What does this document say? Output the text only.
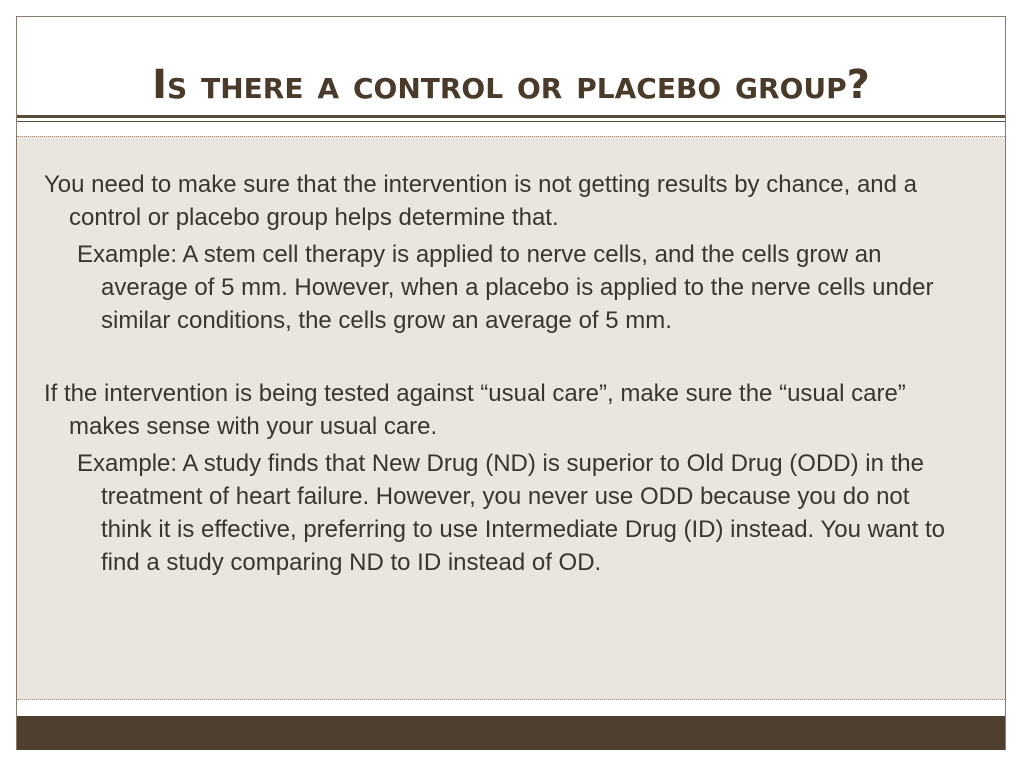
Is there a control or placebo group?

You need to make sure that the intervention is not getting results by chance, and a control or placebo group helps determine that.

Example: A stem cell therapy is applied to nerve cells, and the cells grow an average of 5 mm. However, when a placebo is applied to the nerve cells under similar conditions, the cells grow an average of 5 mm.

If the intervention is being tested against “usual care”, make sure the “usual care” makes sense with your usual care.

Example: A study finds that New Drug (ND) is superior to Old Drug (ODD) in the treatment of heart failure. However, you never use ODD because you do not think it is effective, preferring to use Intermediate Drug (ID) instead. You want to find a study comparing ND to ID instead of OD.
